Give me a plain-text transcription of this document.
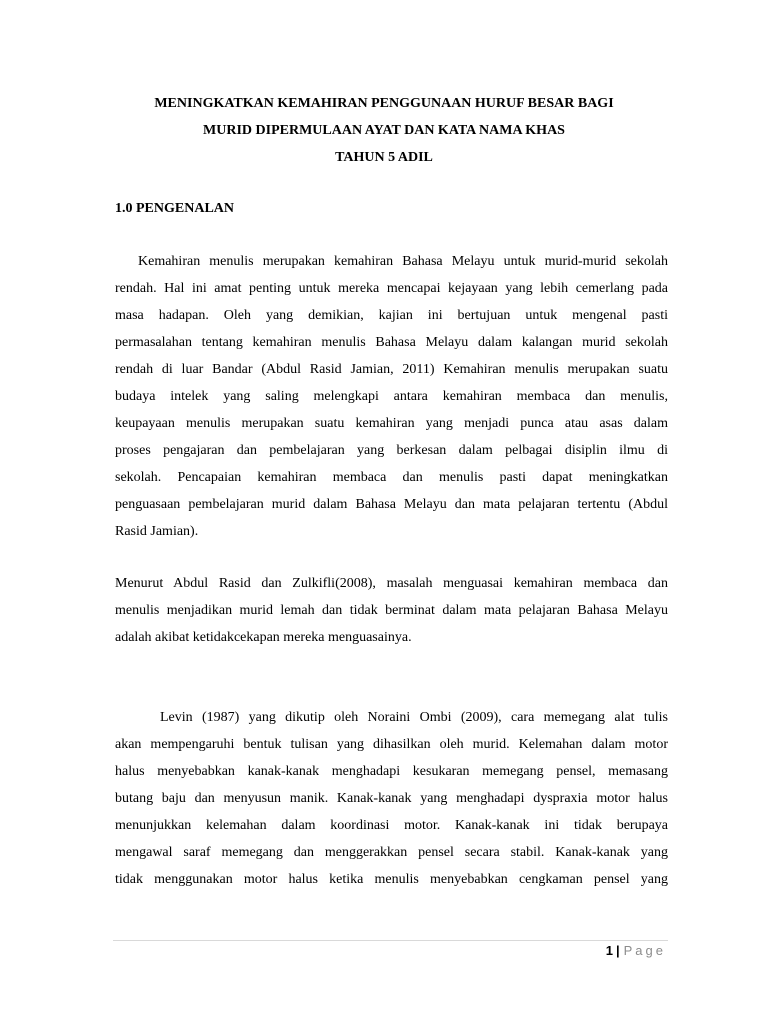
MENINGKATKAN KEMAHIRAN PENGGUNAAN HURUF BESAR BAGI
MURID DIPERMULAAN AYAT DAN KATA NAMA KHAS
TAHUN 5 ADIL
1.0 PENGENALAN
Kemahiran menulis merupakan kemahiran Bahasa Melayu untuk murid-murid sekolah
rendah. Hal ini amat penting untuk mereka mencapai kejayaan yang lebih cemerlang pada
masa hadapan. Oleh yang demikian, kajian ini bertujuan untuk mengenal pasti
permasalahan tentang kemahiran menulis Bahasa Melayu dalam kalangan murid sekolah
rendah di luar Bandar (Abdul Rasid Jamian, 2011) Kemahiran menulis merupakan suatu
budaya intelek yang saling melengkapi antara kemahiran membaca dan menulis,
keupayaan menulis merupakan suatu kemahiran yang menjadi punca atau asas dalam
proses pengajaran dan pembelajaran yang berkesan dalam pelbagai disiplin ilmu di
sekolah. Pencapaian kemahiran membaca dan menulis pasti dapat meningkatkan
penguasaan pembelajaran murid dalam Bahasa Melayu dan mata pelajaran tertentu (Abdul
Rasid Jamian).
Menurut Abdul Rasid dan Zulkifli(2008), masalah menguasai kemahiran membaca dan
menulis menjadikan murid lemah dan tidak berminat dalam mata pelajaran Bahasa Melayu
adalah akibat ketidakcekapan mereka menguasainya.
Levin (1987) yang dikutip oleh Noraini Ombi (2009), cara memegang alat tulis
akan mempengaruhi bentuk tulisan yang dihasilkan oleh murid. Kelemahan dalam motor
halus menyebabkan kanak-kanak menghadapi kesukaran memegang pensel, memasang
butang baju dan menyusun manik. Kanak-kanak yang menghadapi dyspraxia motor halus
menunjukkan kelemahan dalam koordinasi motor. Kanak-kanak ini tidak berupaya
mengawal saraf memegang dan menggerakkan pensel secara stabil. Kanak-kanak yang
tidak menggunakan motor halus ketika menulis menyebabkan cengkaman pensel yang
1 | Page
